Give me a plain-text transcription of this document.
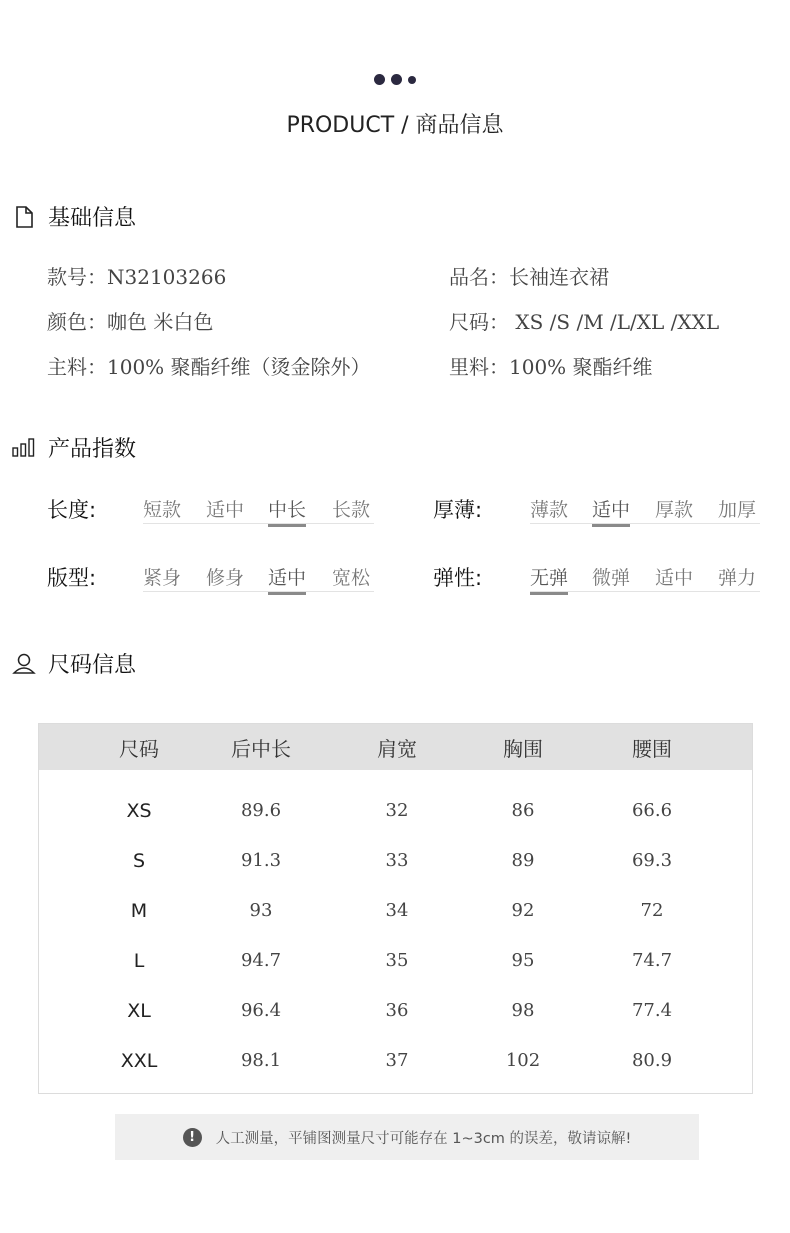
PRODUCT / 商品信息
基础信息
款号：N32103266	品名：长袖连衣裙
颜色：咖色 米白色	尺码： XS /S /M /L/XL /XXL
主料：100% 聚酯纤维（烫金除外）	里料：100% 聚酯纤维
产品指数
长度: 短款 适中 中长 长款	厚薄:	薄款 适中 厚款 加厚
版型: 紧身 修身 适中 宽松	弹性:	无弹 微弹 适中 弹力
尺码信息
尺码	后中长	肩宽	胸围	腰围
XS	89.6	32	86	66.6
S	91.3	33	89	69.3
M	93	34	92	72
L	94.7	35	95	74.7
XL	96.4	36	98	77.4
XXL	98.1	37	102	80.9
!	人工测量，平铺图测量尺寸可能存在 1~3cm 的误差，敬请谅解!
